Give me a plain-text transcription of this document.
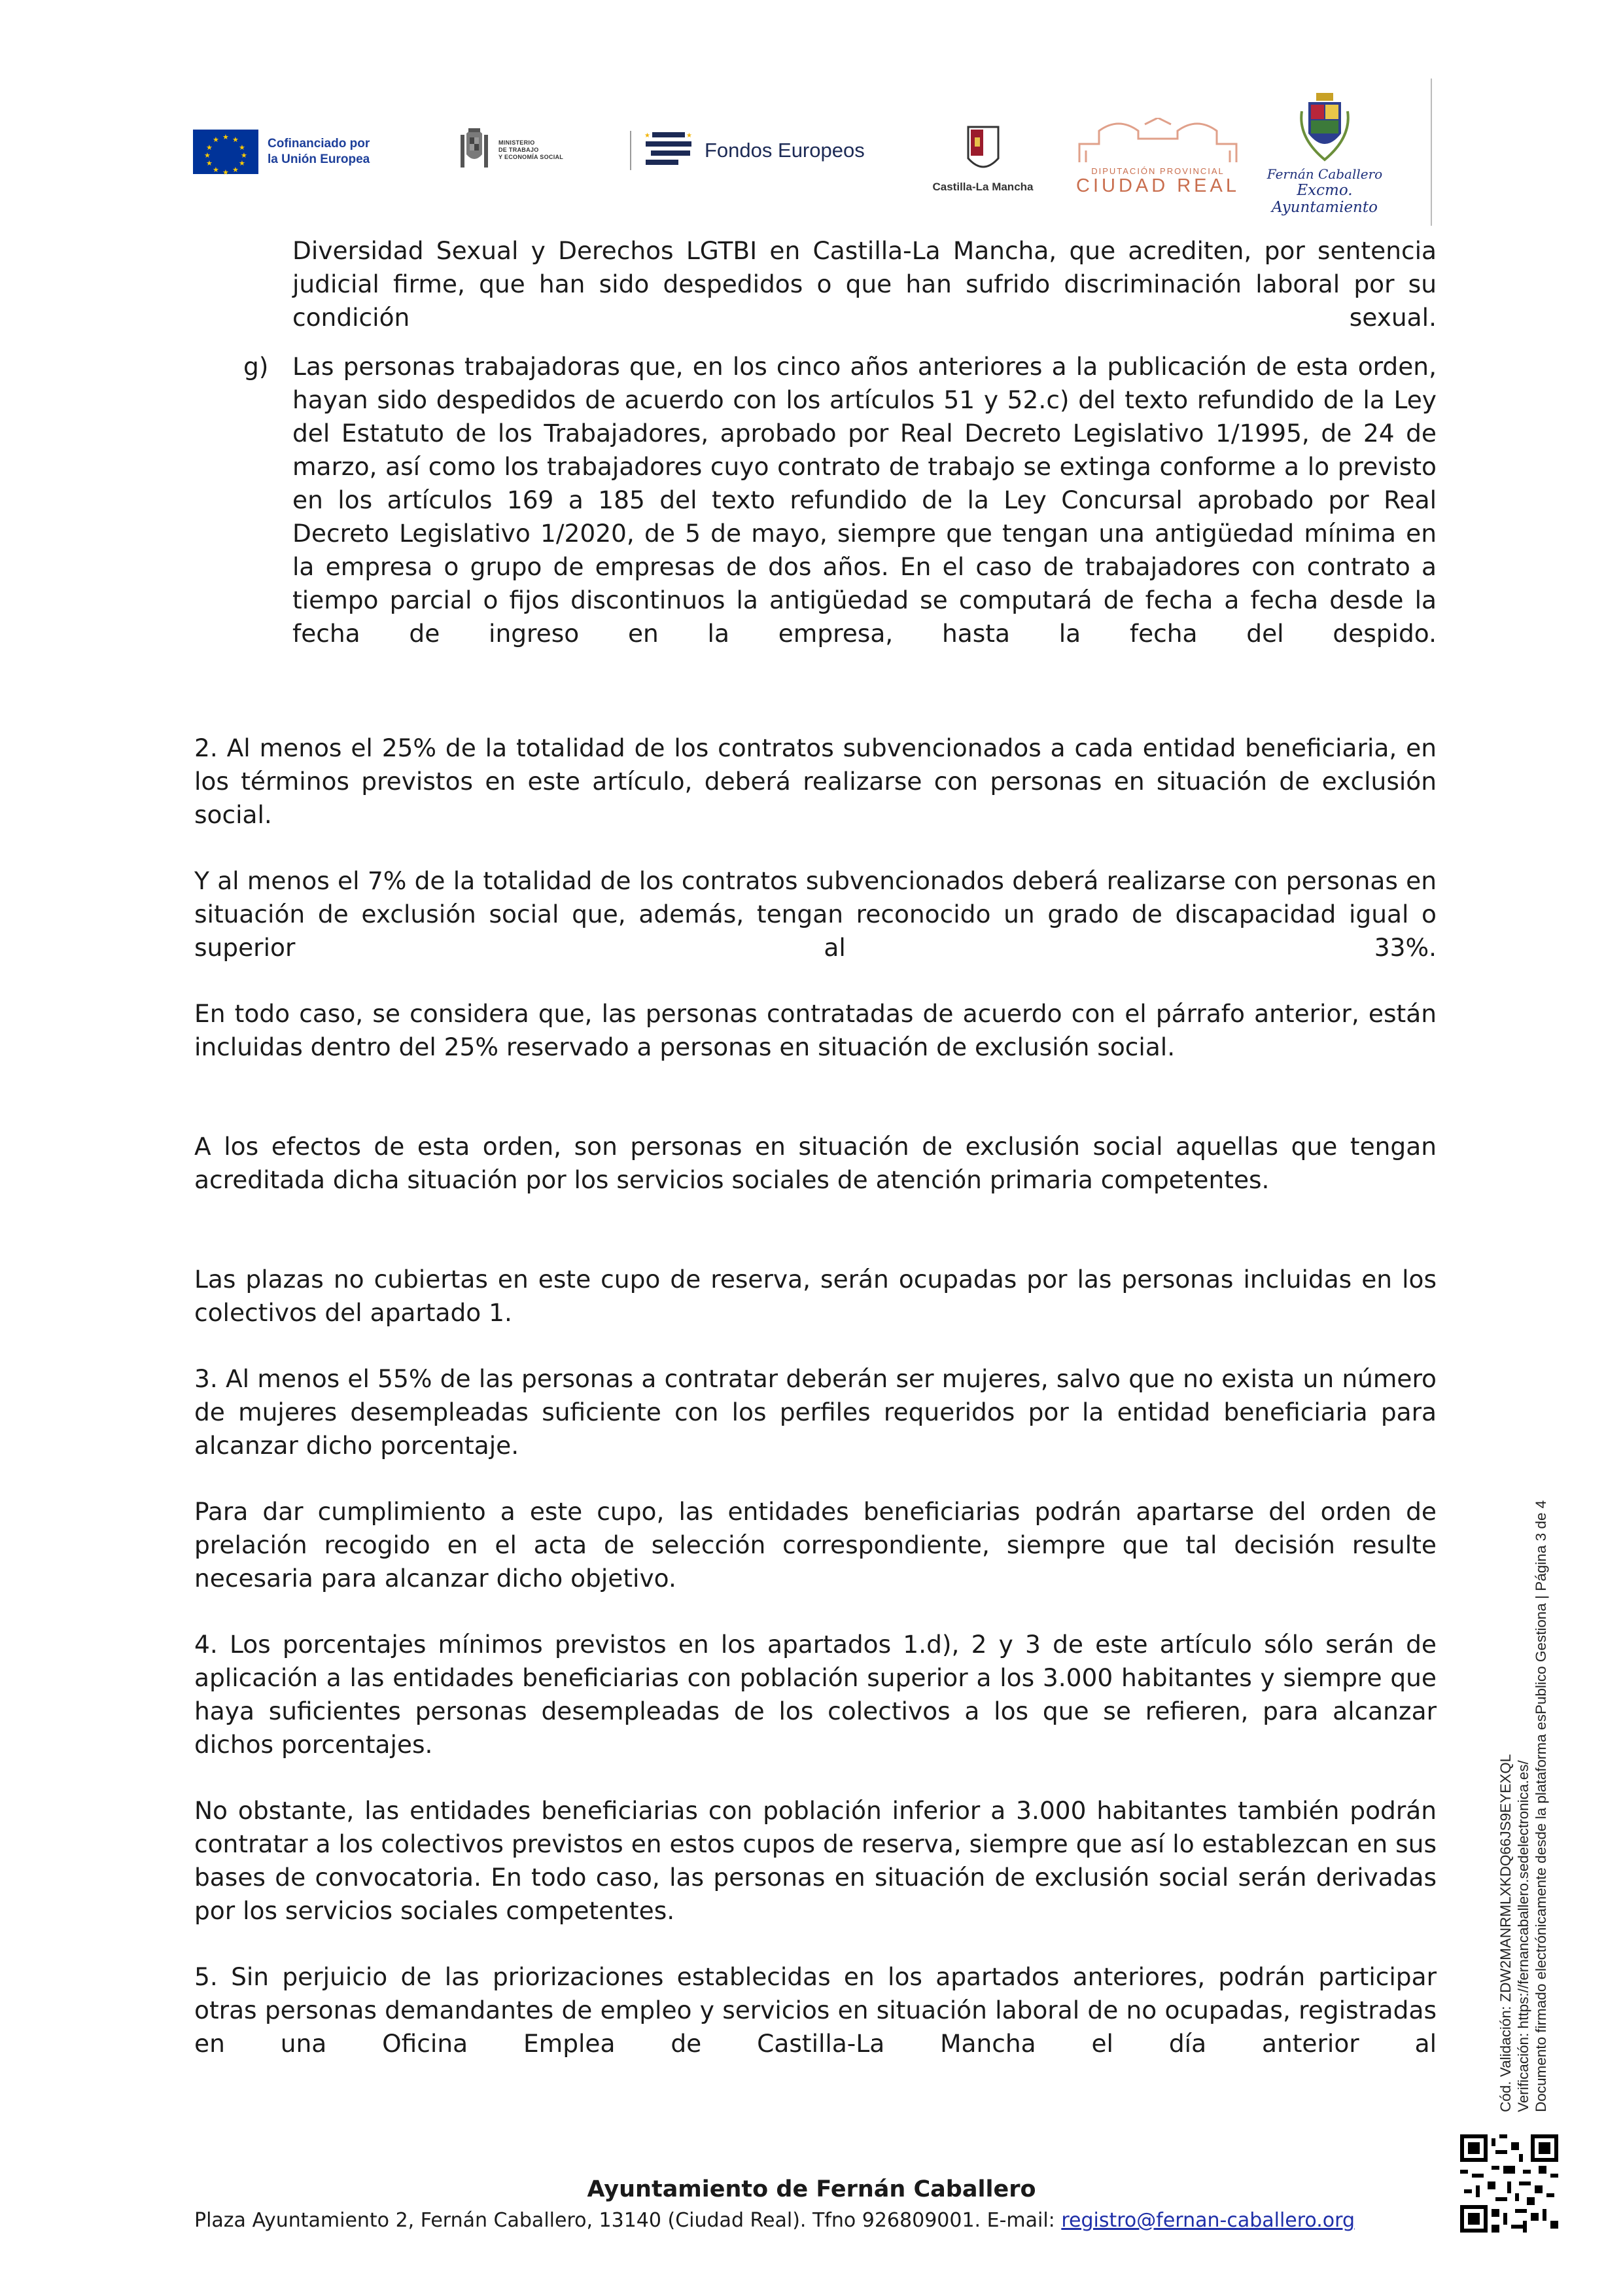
★ ★
★
★
★
★
★
★
★
★
★
★	Cofinanciado por
la Unión Europea
MINISTERIO
DE TRABAJO
Y ECONOMÍA SOCIAL
★	★
Fondos Europeos
Castilla-La Mancha
DIPUTACIÓN PROVINCIAL
CIUDAD REAL
Fernán Caballero
Excmo. Ayuntamiento

Diversidad Sexual y Derechos LGTBI en Castilla-La Mancha, que acrediten, por sentencia judicial firme, que han sido despedidos o que han sufrido discriminación laboral por su condición sexual.

g) Las personas trabajadoras que, en los cinco años anteriores a la publicación de esta orden, hayan sido despedidos de acuerdo con los artículos 51 y 52.c) del texto refundido de la Ley del Estatuto de los Trabajadores, aprobado por Real Decreto Legislativo 1/1995, de 24 de marzo, así como los trabajadores cuyo contrato de trabajo se extinga conforme a lo previsto en los artículos 169 a 185 del texto refundido de la Ley Concursal aprobado por Real Decreto Legislativo 1/2020, de 5 de mayo, siempre que tengan una antigüedad mínima en la empresa o grupo de empresas de dos años. En el caso de trabajadores con contrato a tiempo parcial o fijos discontinuos la antigüedad se computará de fecha a fecha desde la fecha de ingreso en la empresa, hasta la fecha del despido.

2. Al menos el 25% de la totalidad de los contratos subvencionados a cada entidad beneficiaria, en los términos previstos en este artículo, deberá realizarse con personas en situación de exclusión social.

Y al menos el 7% de la totalidad de los contratos subvencionados deberá realizarse con personas en situación de exclusión social que, además, tengan reconocido un grado de discapacidad igual o superior al 33%.

En todo caso, se considera que, las personas contratadas de acuerdo con el párrafo anterior, están incluidas dentro del 25% reservado a personas en situación de exclusión social.

A los efectos de esta orden, son personas en situación de exclusión social aquellas que tengan acreditada dicha situación por los servicios sociales de atención primaria competentes.

Las plazas no cubiertas en este cupo de reserva, serán ocupadas por las personas incluidas en los colectivos del apartado 1.

3. Al menos el 55% de las personas a contratar deberán ser mujeres, salvo que no exista un número de mujeres desempleadas suficiente con los perfiles requeridos por la entidad beneficiaria para alcanzar dicho porcentaje.

Para dar cumplimiento a este cupo, las entidades beneficiarias podrán apartarse del orden de prelación recogido en el acta de selección correspondiente, siempre que tal decisión resulte necesaria para alcanzar dicho objetivo.

4. Los porcentajes mínimos previstos en los apartados 1.d), 2 y 3 de este artículo sólo serán de aplicación a las entidades beneficiarias con población superior a los 3.000 habitantes y siempre que haya suficientes personas desempleadas de los colectivos a los que se refieren, para alcanzar dichos porcentajes.

No obstante, las entidades beneficiarias con población inferior a 3.000 habitantes también podrán contratar a los colectivos previstos en estos cupos de reserva, siempre que así lo establezcan en sus bases de convocatoria. En todo caso, las personas en situación de exclusión social serán derivadas por los servicios sociales competentes.

5. Sin perjuicio de las priorizaciones establecidas en los apartados anteriores, podrán participar otras personas demandantes de empleo y servicios en situación laboral de no ocupadas, registradas en una Oficina Emplea de Castilla-La Mancha el día anterior al

Ayuntamiento de Fernán Caballero
Plaza Ayuntamiento 2, Fernán Caballero, 13140 (Ciudad Real). Tfno 926809001. E-mail: registro@fernan-caballero.org
Cód. Validación: ZDW2MANRMLXKDQ66JS9EYEXQL Verificación: https://fernancaballero.sedelectronica.es/ Documento firmado electrónicamente desde la plataforma esPublico Gestiona | Página 3 de 4
